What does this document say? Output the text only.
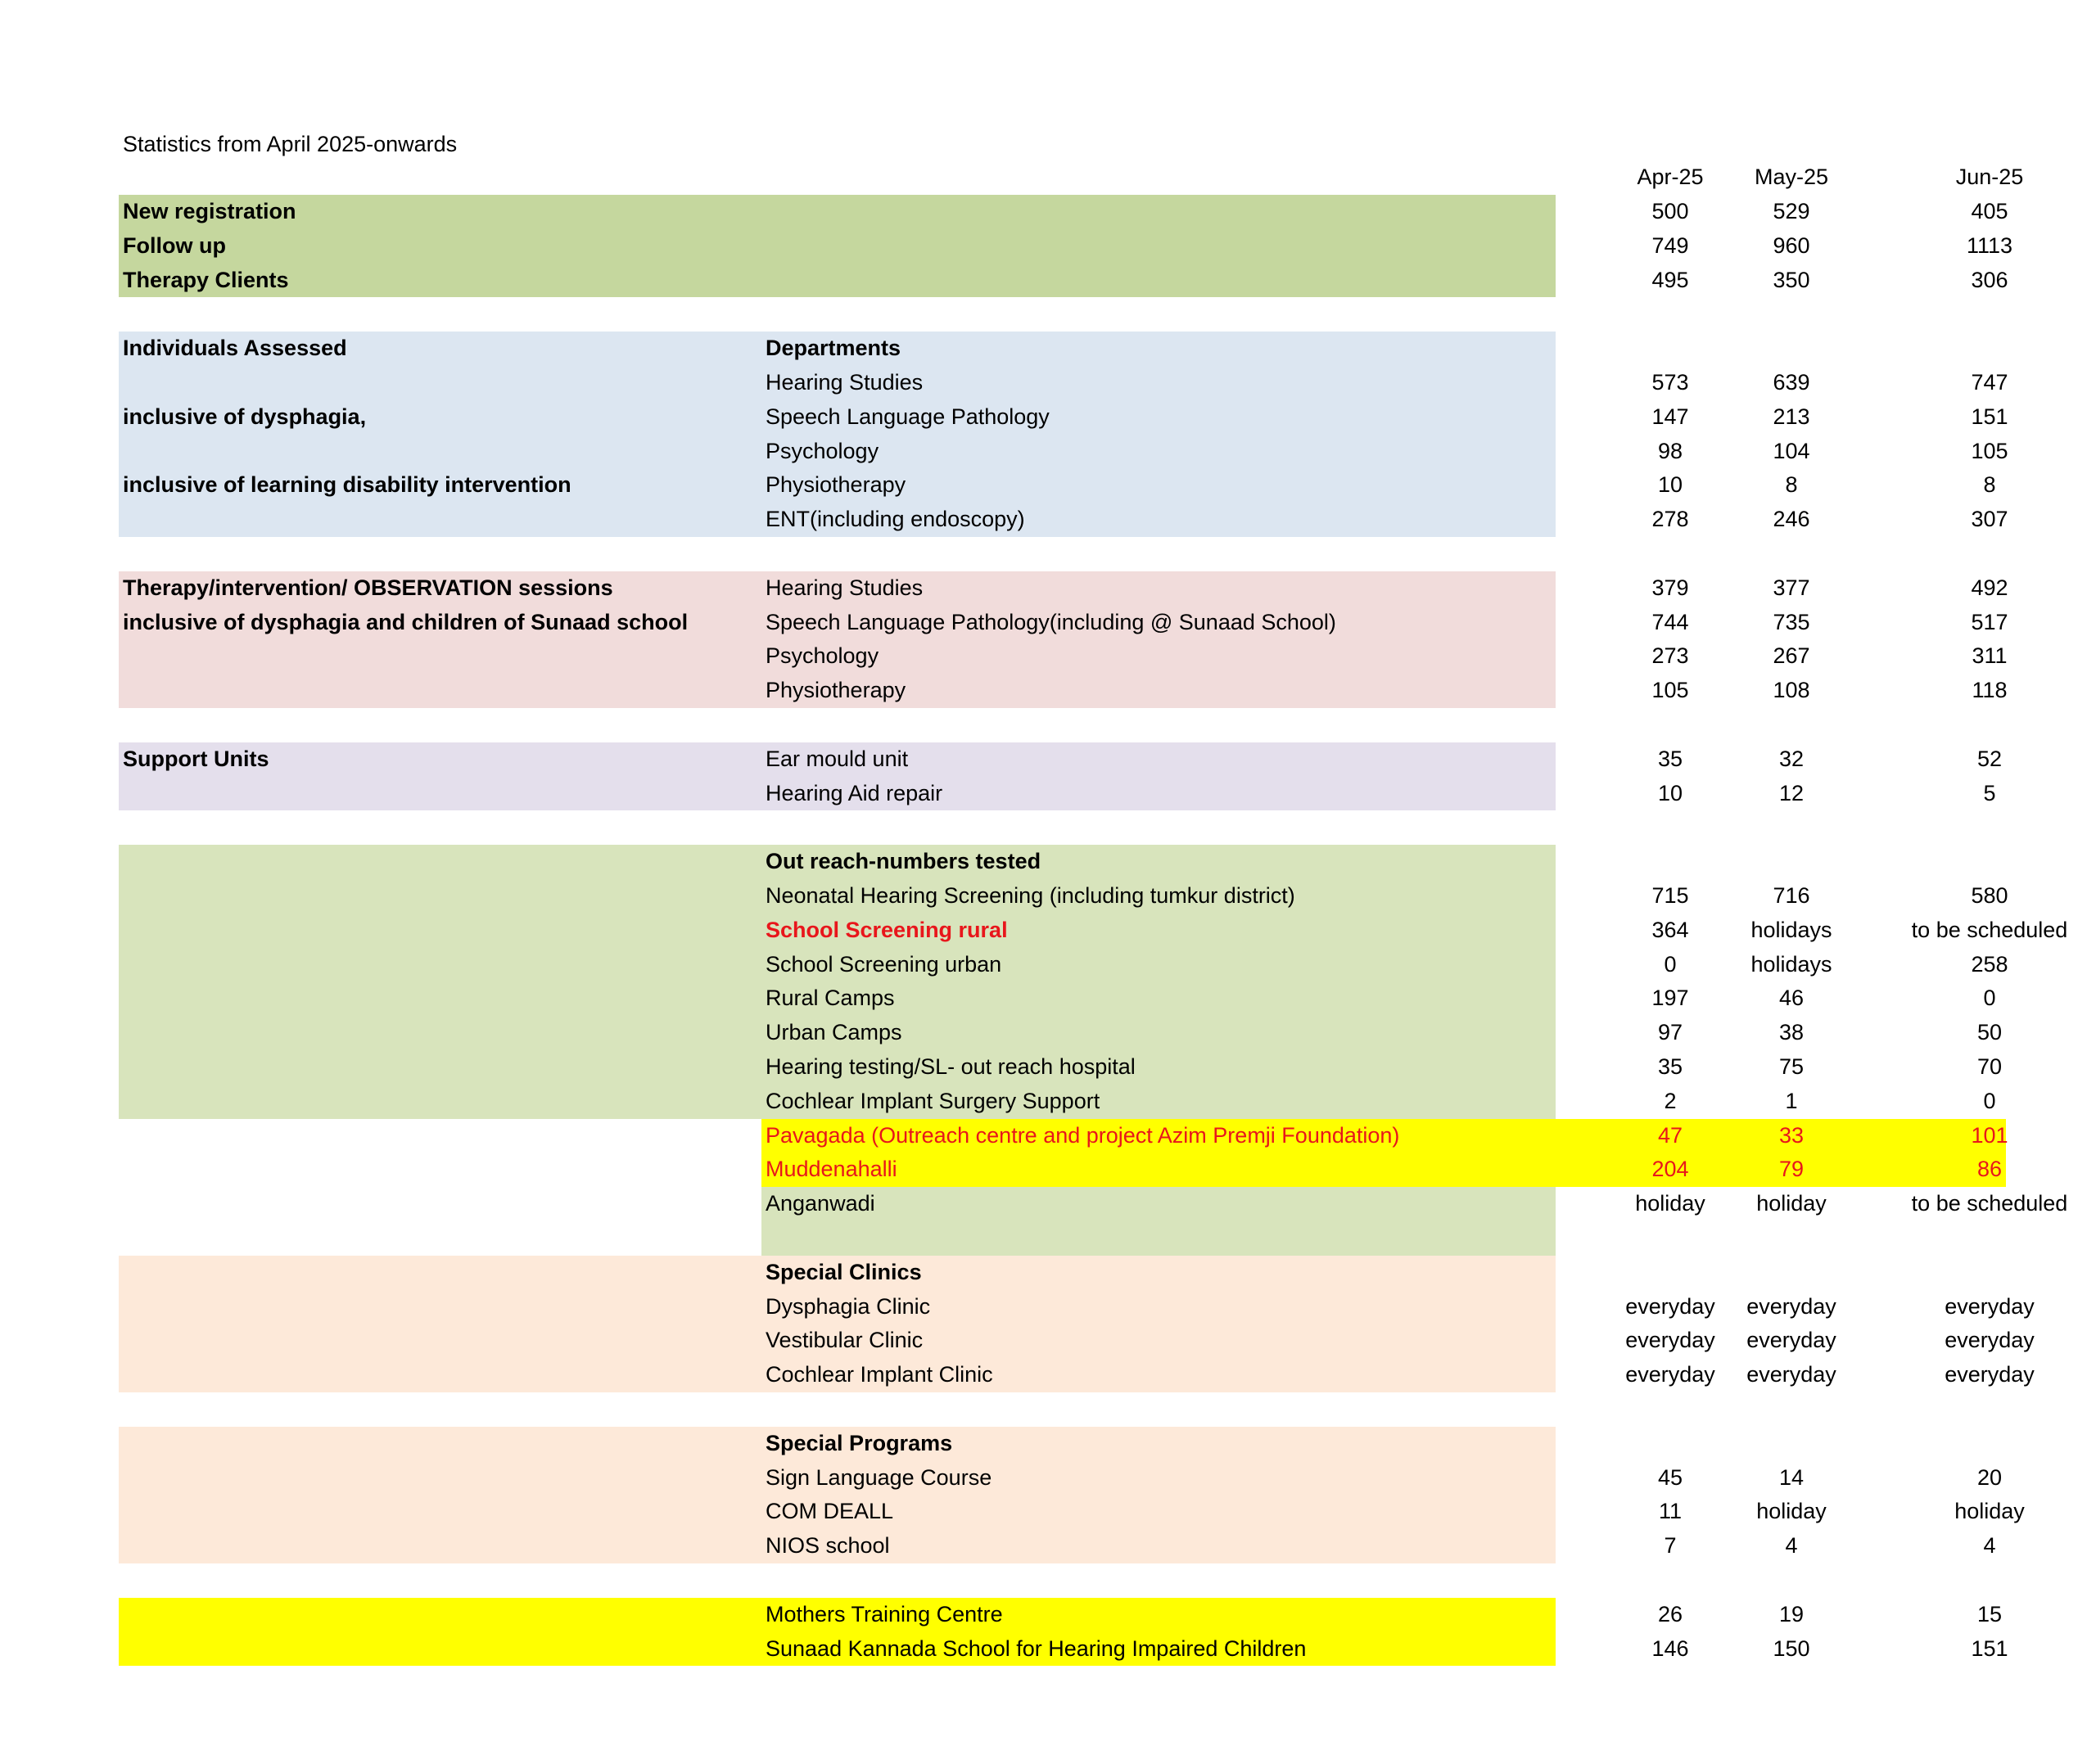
Statistics from April 2025-onwards
Apr-25	May-25	Jun-25
New registration	500	529	405
Follow up	749	960	1113
Therapy Clients	495	350	306
Individuals Assessed	Departments
Hearing Studies	573	639	747
inclusive of dysphagia,	Speech Language Pathology	147	213	151
Psychology	98	104	105
inclusive of learning disability intervention	Physiotherapy	10	8	8
ENT(including endoscopy)	278	246	307
Therapy/intervention/ OBSERVATION sessions	Hearing Studies	379	377	492
inclusive of dysphagia and children of Sunaad school	Speech Language Pathology(including @ Sunaad School)	744	735	517
Psychology	273	267	311
Physiotherapy	105	108	118
Support Units	Ear mould unit	35	32	52
Hearing Aid repair	10	12	5
Out reach-numbers tested
Neonatal Hearing Screening (including tumkur district)	715	716	580
School Screening rural	364	holidays	to be scheduled
School Screening urban	0	holidays	258
Rural Camps	197	46	0
Urban Camps	97	38	50
Hearing testing/SL- out reach hospital	35	75	70
Cochlear Implant Surgery Support	2	1	0
Pavagada (Outreach centre and project Azim Premji Foundation)	47	33	101
Muddenahalli	204	79	86
Anganwadi	holiday	holiday	to be scheduled
Special Clinics
Dysphagia Clinic	everyday	everyday	everyday
Vestibular Clinic	everyday	everyday	everyday
Cochlear Implant Clinic	everyday	everyday	everyday
Special Programs
Sign Language Course	45	14	20
COM DEALL	11	holiday	holiday
NIOS school	7	4	4
Mothers Training Centre	26	19	15
Sunaad Kannada School for Hearing Impaired Children	146	150	151
